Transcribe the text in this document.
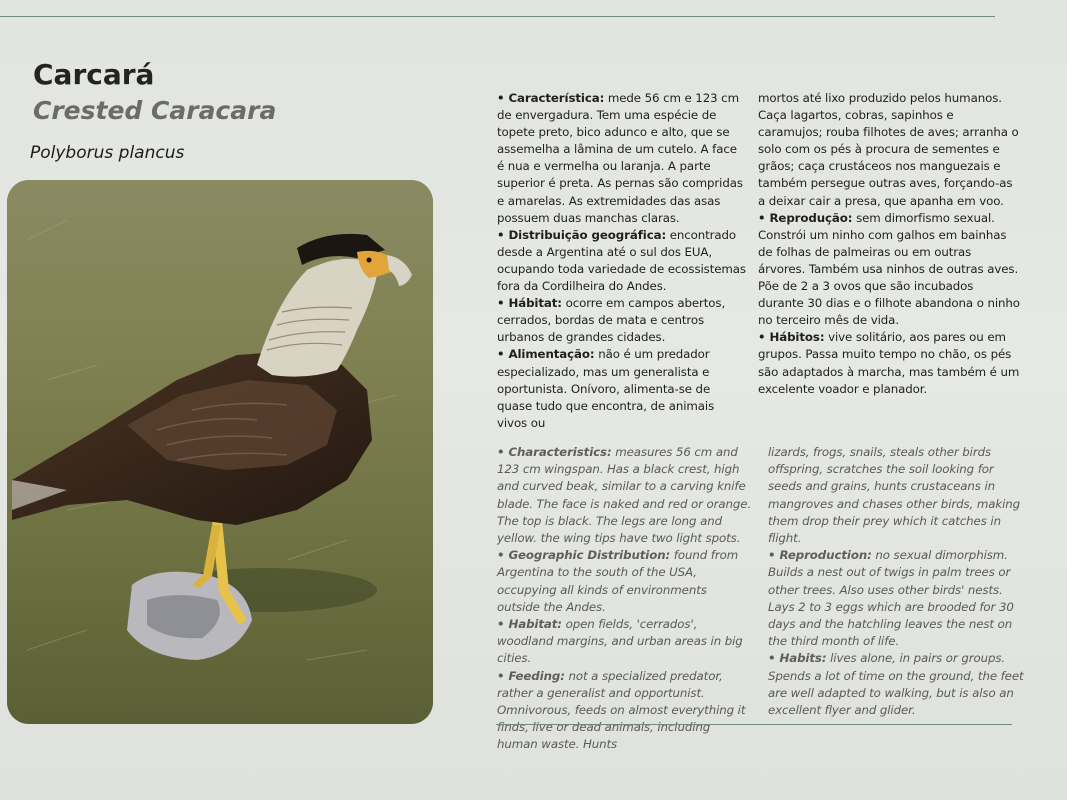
Carcará
Crested Caracara
Polyborus plancus

• Característica: mede 56 cm e 123 cm de envergadura. Tem uma espécie de topete preto, bico adunco e alto, que se assemelha a lâmina de um cutelo. A face é nua e vermelha ou laranja. A parte superior é preta. As pernas são compridas e amarelas. As extremidades das asas possuem duas manchas claras.

• Distribuição geográfica: encontrado desde a Argentina até o sul dos EUA, ocupando toda variedade de ecossistemas fora da Cordilheira do Andes.

• Hábitat: ocorre em campos abertos, cerrados, bordas de mata e centros urbanos de grandes cidades.

• Alimentação: não é um predador especializado, mas um generalista e oportunista. Onívoro, alimenta-se de quase tudo que encontra, de animais vivos ou

mortos até lixo produzido pelos humanos. Caça lagartos, cobras, sapinhos e caramujos; rouba filhotes de aves; arranha o solo com os pés à procura de sementes e grãos; caça crustáceos nos manguezais e também persegue outras aves, forçando-as a deixar cair a presa, que apanha em voo.

• Reprodução: sem dimorfismo sexual. Constrói um ninho com galhos em bainhas de folhas de palmeiras ou em outras árvores. Também usa ninhos de outras aves. Põe de 2 a 3 ovos que são incubados durante 30 dias e o filhote abandona o ninho no terceiro mês de vida.

• Hábitos: vive solitário, aos pares ou em grupos. Passa muito tempo no chão, os pés são adaptados à marcha, mas também é um excelente voador e planador.

• Characteristics: measures 56 cm and 123 cm wingspan. Has a black crest, high and curved beak, similar to a carving knife blade. The face is naked and red or orange. The top is black. The legs are long and yellow. the wing tips have two light spots.

• Geographic Distribution: found from Argentina to the south of the USA, occupying all kinds of environments outside the Andes.

• Habitat: open fields, 'cerrados', woodland margins, and urban areas in big cities.

• Feeding: not a specialized predator, rather a generalist and opportunist. Omnivorous, feeds on almost everything it finds, live or dead animals, including human waste. Hunts

lizards, frogs, snails, steals other birds offspring, scratches the soil looking for seeds and grains, hunts crustaceans in mangroves and chases other birds, making them drop their prey which it catches in flight.

• Reproduction: no sexual dimorphism. Builds a nest out of twigs in palm trees or other trees. Also uses other birds' nests. Lays 2 to 3 eggs which are brooded for 30 days and the hatchling leaves the nest on the third month of life.

• Habits: lives alone, in pairs or groups. Spends a lot of time on the ground, the feet are well adapted to walking, but is also an excellent flyer and glider.
